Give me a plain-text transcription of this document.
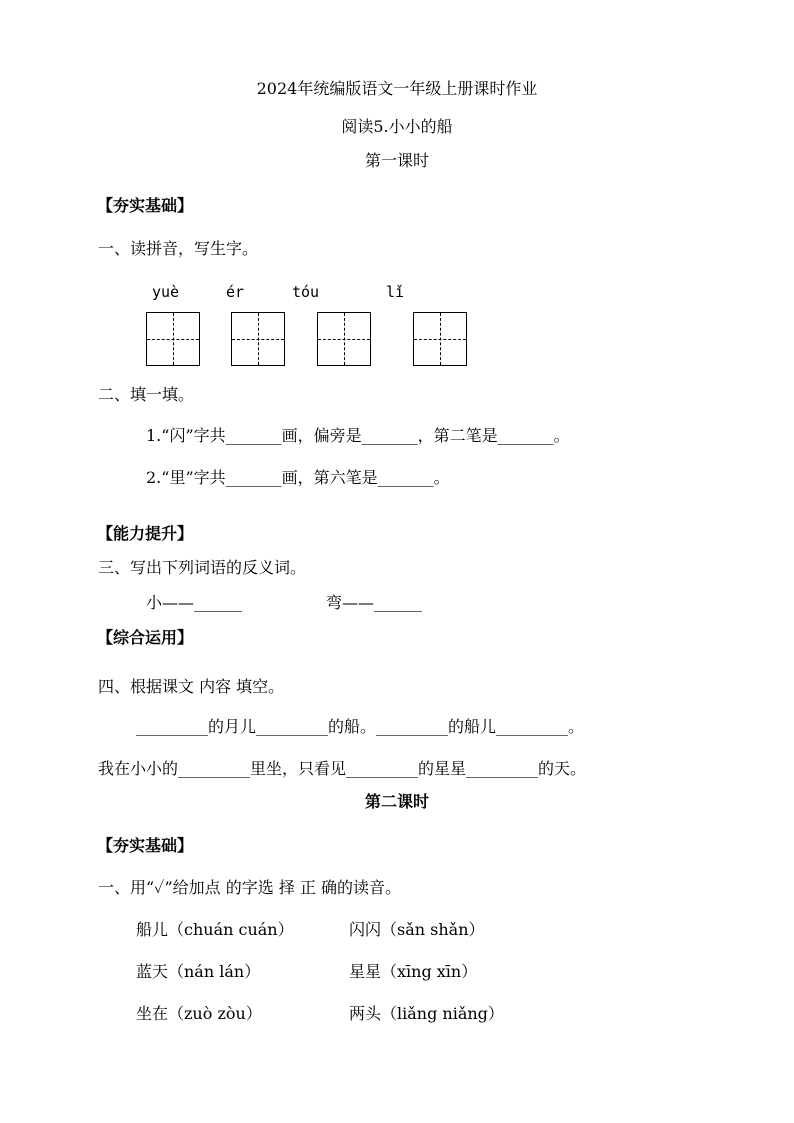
2024年统编版语文一年级上册课时作业
阅读5.小小的船
第一课时
【夯实基础】
一、读拼音，写生字。
yuè	ér	tóu	lǐ
二、填一填。
1.“闪”字共_______画，偏旁是_______，第二笔是_______。
2.“里”字共_______画，第六笔是_______。
【能力提升】
三、写出下列词语的反义词。
小——______	弯——______
【综合运用】
四、根据课文 内容 填空。
_________的月儿_________的船。_________的船儿_________。
我在小小的_________里坐，只看见_________的星星_________的天。
第二课时
【夯实基础】
一、用“✓”给加点 的字选 择 正 确的读音。
船儿（chuán cuán）	闪闪（sǎn shǎn）
蓝天（nán lán）	星星（xīng xīn）
坐在（zuò zòu）	两头（liǎng niǎng）
